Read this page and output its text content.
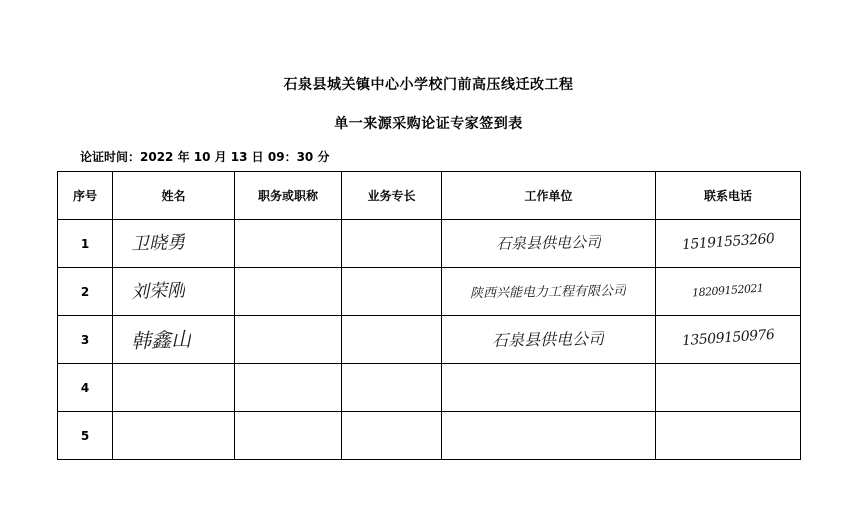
石泉县城关镇中心小学校门前高压线迁改工程
单一来源采购论证专家签到表
论证时间：2022 年 10 月 13 日 09：30 分
序号	姓名	职务或职称	业务专长	工作单位	联系电话
1	卫晓勇			石泉县供电公司	15191553260
2	刘荣刚			陕西兴能电力工程有限公司	18209152021
3	韩鑫山			石泉县供电公司	13509150976
4					
5					
